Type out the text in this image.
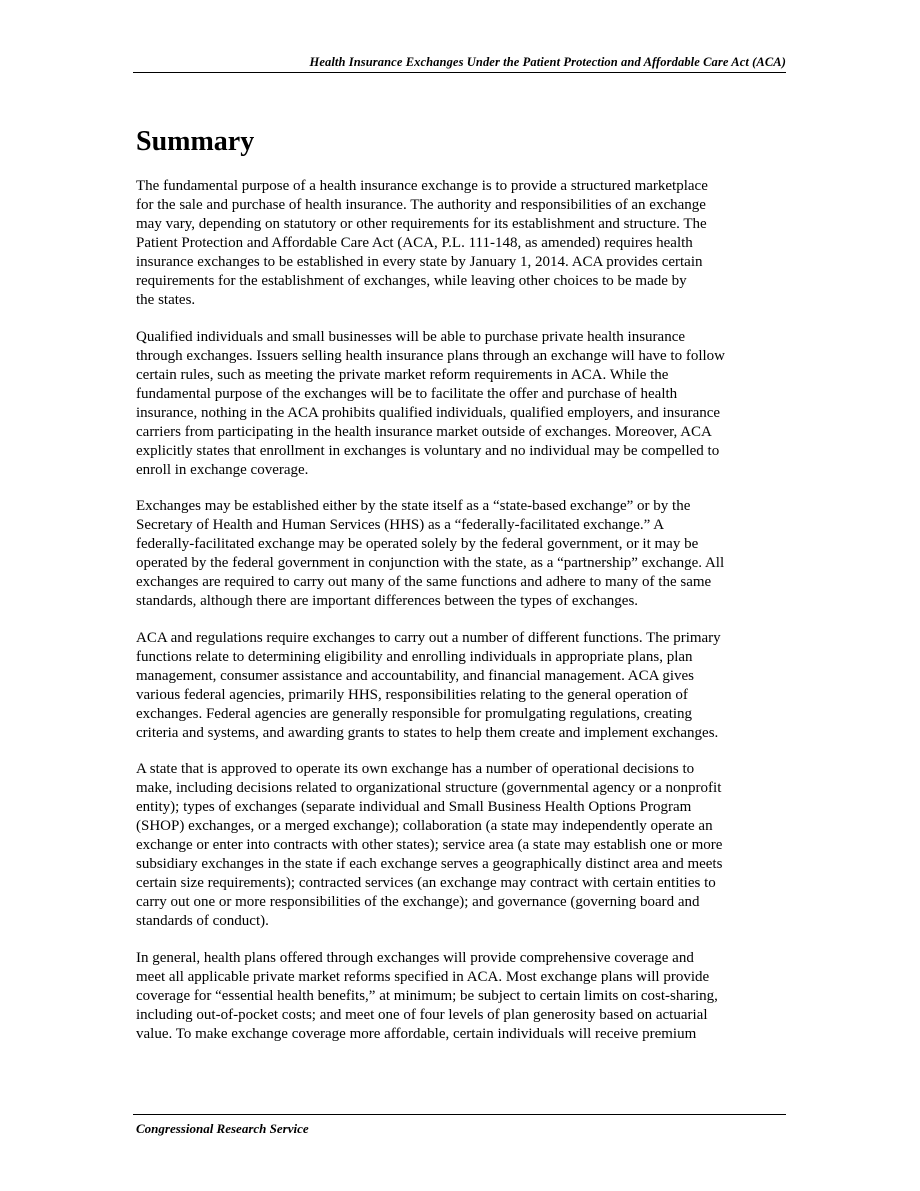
Health Insurance Exchanges Under the Patient Protection and Affordable Care Act (ACA)
Summary

The fundamental purpose of a health insurance exchange is to provide a structured marketplace
for the sale and purchase of health insurance. The authority and responsibilities of an exchange
may vary, depending on statutory or other requirements for its establishment and structure. The
Patient Protection and Affordable Care Act (ACA, P.L. 111-148, as amended) requires health
insurance exchanges to be established in every state by January 1, 2014. ACA provides certain
requirements for the establishment of exchanges, while leaving other choices to be made by
the states.

Qualified individuals and small businesses will be able to purchase private health insurance
through exchanges. Issuers selling health insurance plans through an exchange will have to follow
certain rules, such as meeting the private market reform requirements in ACA. While the
fundamental purpose of the exchanges will be to facilitate the offer and purchase of health
insurance, nothing in the ACA prohibits qualified individuals, qualified employers, and insurance
carriers from participating in the health insurance market outside of exchanges. Moreover, ACA
explicitly states that enrollment in exchanges is voluntary and no individual may be compelled to
enroll in exchange coverage.

Exchanges may be established either by the state itself as a “state-based exchange” or by the
Secretary of Health and Human Services (HHS) as a “federally-facilitated exchange.” A
federally-facilitated exchange may be operated solely by the federal government, or it may be
operated by the federal government in conjunction with the state, as a “partnership” exchange. All
exchanges are required to carry out many of the same functions and adhere to many of the same
standards, although there are important differences between the types of exchanges.

ACA and regulations require exchanges to carry out a number of different functions. The primary
functions relate to determining eligibility and enrolling individuals in appropriate plans, plan
management, consumer assistance and accountability, and financial management. ACA gives
various federal agencies, primarily HHS, responsibilities relating to the general operation of
exchanges. Federal agencies are generally responsible for promulgating regulations, creating
criteria and systems, and awarding grants to states to help them create and implement exchanges.

A state that is approved to operate its own exchange has a number of operational decisions to
make, including decisions related to organizational structure (governmental agency or a nonprofit
entity); types of exchanges (separate individual and Small Business Health Options Program
(SHOP) exchanges, or a merged exchange); collaboration (a state may independently operate an
exchange or enter into contracts with other states); service area (a state may establish one or more
subsidiary exchanges in the state if each exchange serves a geographically distinct area and meets
certain size requirements); contracted services (an exchange may contract with certain entities to
carry out one or more responsibilities of the exchange); and governance (governing board and
standards of conduct).

In general, health plans offered through exchanges will provide comprehensive coverage and
meet all applicable private market reforms specified in ACA. Most exchange plans will provide
coverage for “essential health benefits,” at minimum; be subject to certain limits on cost-sharing,
including out-of-pocket costs; and meet one of four levels of plan generosity based on actuarial
value. To make exchange coverage more affordable, certain individuals will receive premium

Congressional Research Service
